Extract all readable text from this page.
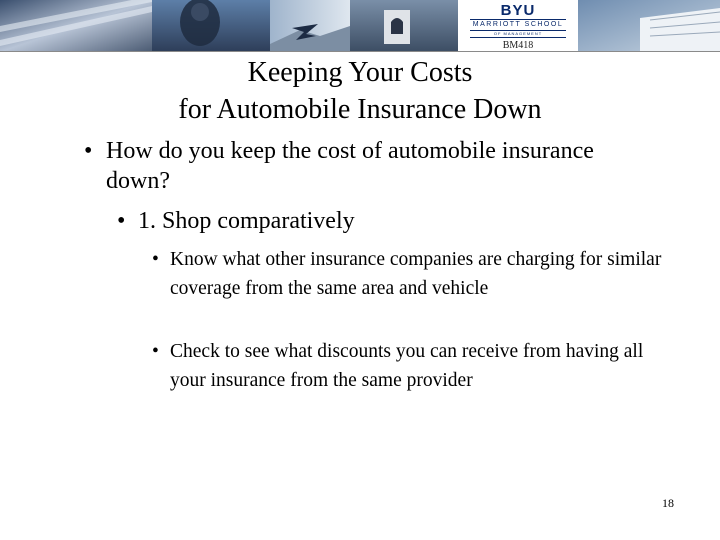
BYU
MARRIOTT SCHOOL
OF MANAGEMENT
BM418
Keeping Your Costs
for Automobile Insurance Down
• How do you keep the cost of automobile insurance down?
• 1. Shop comparatively
• Know what other insurance companies are charging for similar coverage from the same area and vehicle
• Check to see what discounts you can receive from having all your insurance from the same provider
18
